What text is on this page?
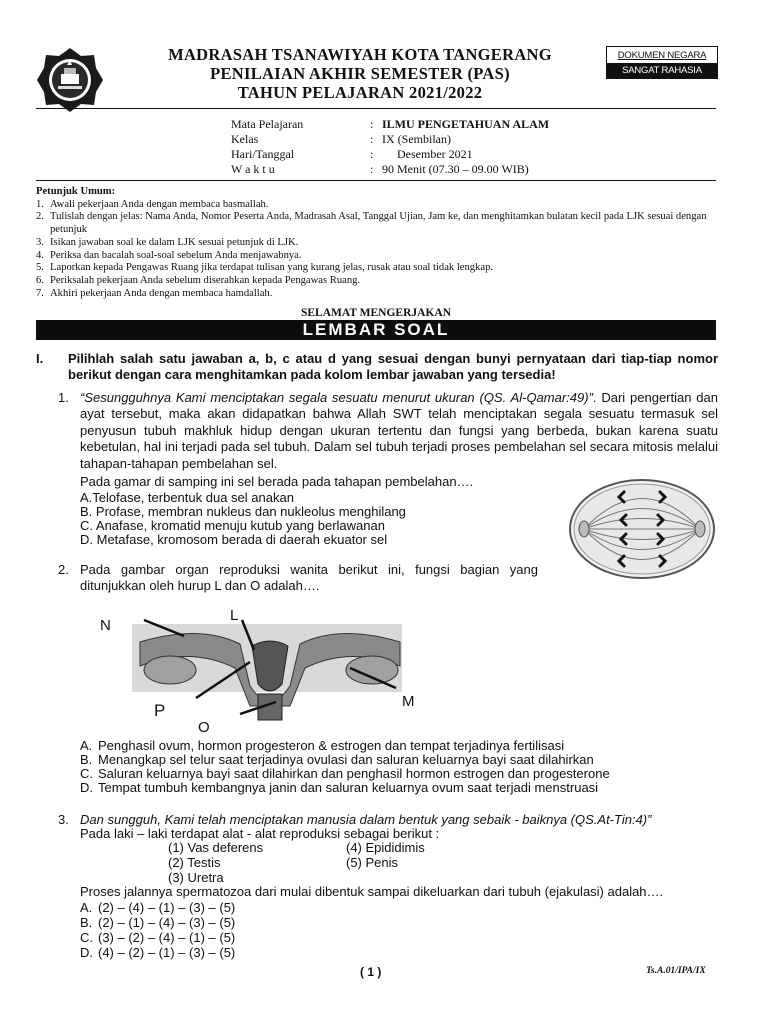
MADRASAH TSANAWIYAH KOTA TANGERANG
PENILAIAN AKHIR SEMESTER (PAS)
TAHUN PELAJARAN 2021/2022
DOKUMEN NEGARA
SANGAT RAHASIA
Mata Pelajaran	: ILMU PENGETAHUAN ALAM
Kelas	: IX (Sembilan)
Hari/Tanggal	: Desember 2021
W a k t u	: 90 Menit (07.30 – 09.00 WIB)
Petunjuk Umum:
1. Awali pekerjaan Anda dengan membaca basmallah.
2. Tulislah dengan jelas: Nama Anda, Nomor Peserta Anda, Madrasah Asal, Tanggal Ujian, Jam ke, dan menghitamkan bulatan kecil pada LJK sesuai dengan petunjuk
3. Isikan jawaban soal ke dalam LJK sesuai petunjuk di LJK.
4. Periksa dan bacalah soal-soal sebelum Anda menjawabnya.
5. Laporkan kepada Pengawas Ruang jika terdapat tulisan yang kurang jelas, rusak atau soal tidak lengkap.
6. Periksalah pekerjaan Anda sebelum diserahkan kepada Pengawas Ruang.
7. Akhiri pekerjaan Anda dengan membaca hamdallah.
SELAMAT MENGERJAKAN
LEMBAR SOAL
I. Pilihlah salah satu jawaban a, b, c atau d yang sesuai dengan bunyi pernyataan dari tiap-tiap nomor berikut dengan cara menghitamkan pada kolom lembar jawaban yang tersedia!
1. “Sesungguhnya Kami menciptakan segala sesuatu menurut ukuran (QS. Al-Qamar:49)”. Dari pengertian dan ayat tersebut, maka akan didapatkan bahwa Allah SWT telah menciptakan segala sesuatu termasuk sel penyusun tubuh makhluk hidup dengan ukuran tertentu dan fungsi yang berbeda, bukan karena suatu kebetulan, hal ini terjadi pada sel tubuh. Dalam sel tubuh terjadi proses pembelahan sel secara mitosis melalui tahapan-tahapan pembelahan sel.
Pada gamar di samping ini sel berada pada tahapan pembelahan….
A.Telofase, terbentuk dua sel anakan
B. Profase, membran nukleus dan nukleolus menghilang
C. Anafase, kromatid menuju kutub yang berlawanan
D. Metafase, kromosom berada di daerah ekuator sel
2. Pada gambar organ reproduksi wanita berikut ini, fungsi bagian yang ditunjukkan oleh hurup L dan O adalah….
N
L
M
P
O
A. Penghasil ovum, hormon progesteron & estrogen dan tempat terjadinya fertilisasi
B. Menangkap sel telur saat terjadinya ovulasi dan saluran keluarnya bayi saat dilahirkan
C. Saluran keluarnya bayi saat dilahirkan dan penghasil hormon estrogen dan progesterone
D. Tempat tumbuh kembangnya janin dan saluran keluarnya ovum saat terjadi menstruasi
3. Dan sungguh, Kami telah menciptakan manusia dalam bentuk yang sebaik - baiknya (QS.At-Tin:4)”
Pada laki – laki terdapat alat - alat reproduksi sebagai berikut :
(1) Vas deferens
(2) Testis
(3) Uretra
(4) Epididimis
(5) Penis
Proses jalannya spermatozoa dari mulai dibentuk sampai dikeluarkan dari tubuh (ejakulasi) adalah….
A. (2) – (4) – (1) – (3) – (5)
B. (2) – (1) – (4) – (3) – (5)
C. (3) – (2) – (4) – (1) – (5)
D. (4) – (2) – (1) – (3) – (5)
( 1 )	Ts.A.01/IPA/IX
